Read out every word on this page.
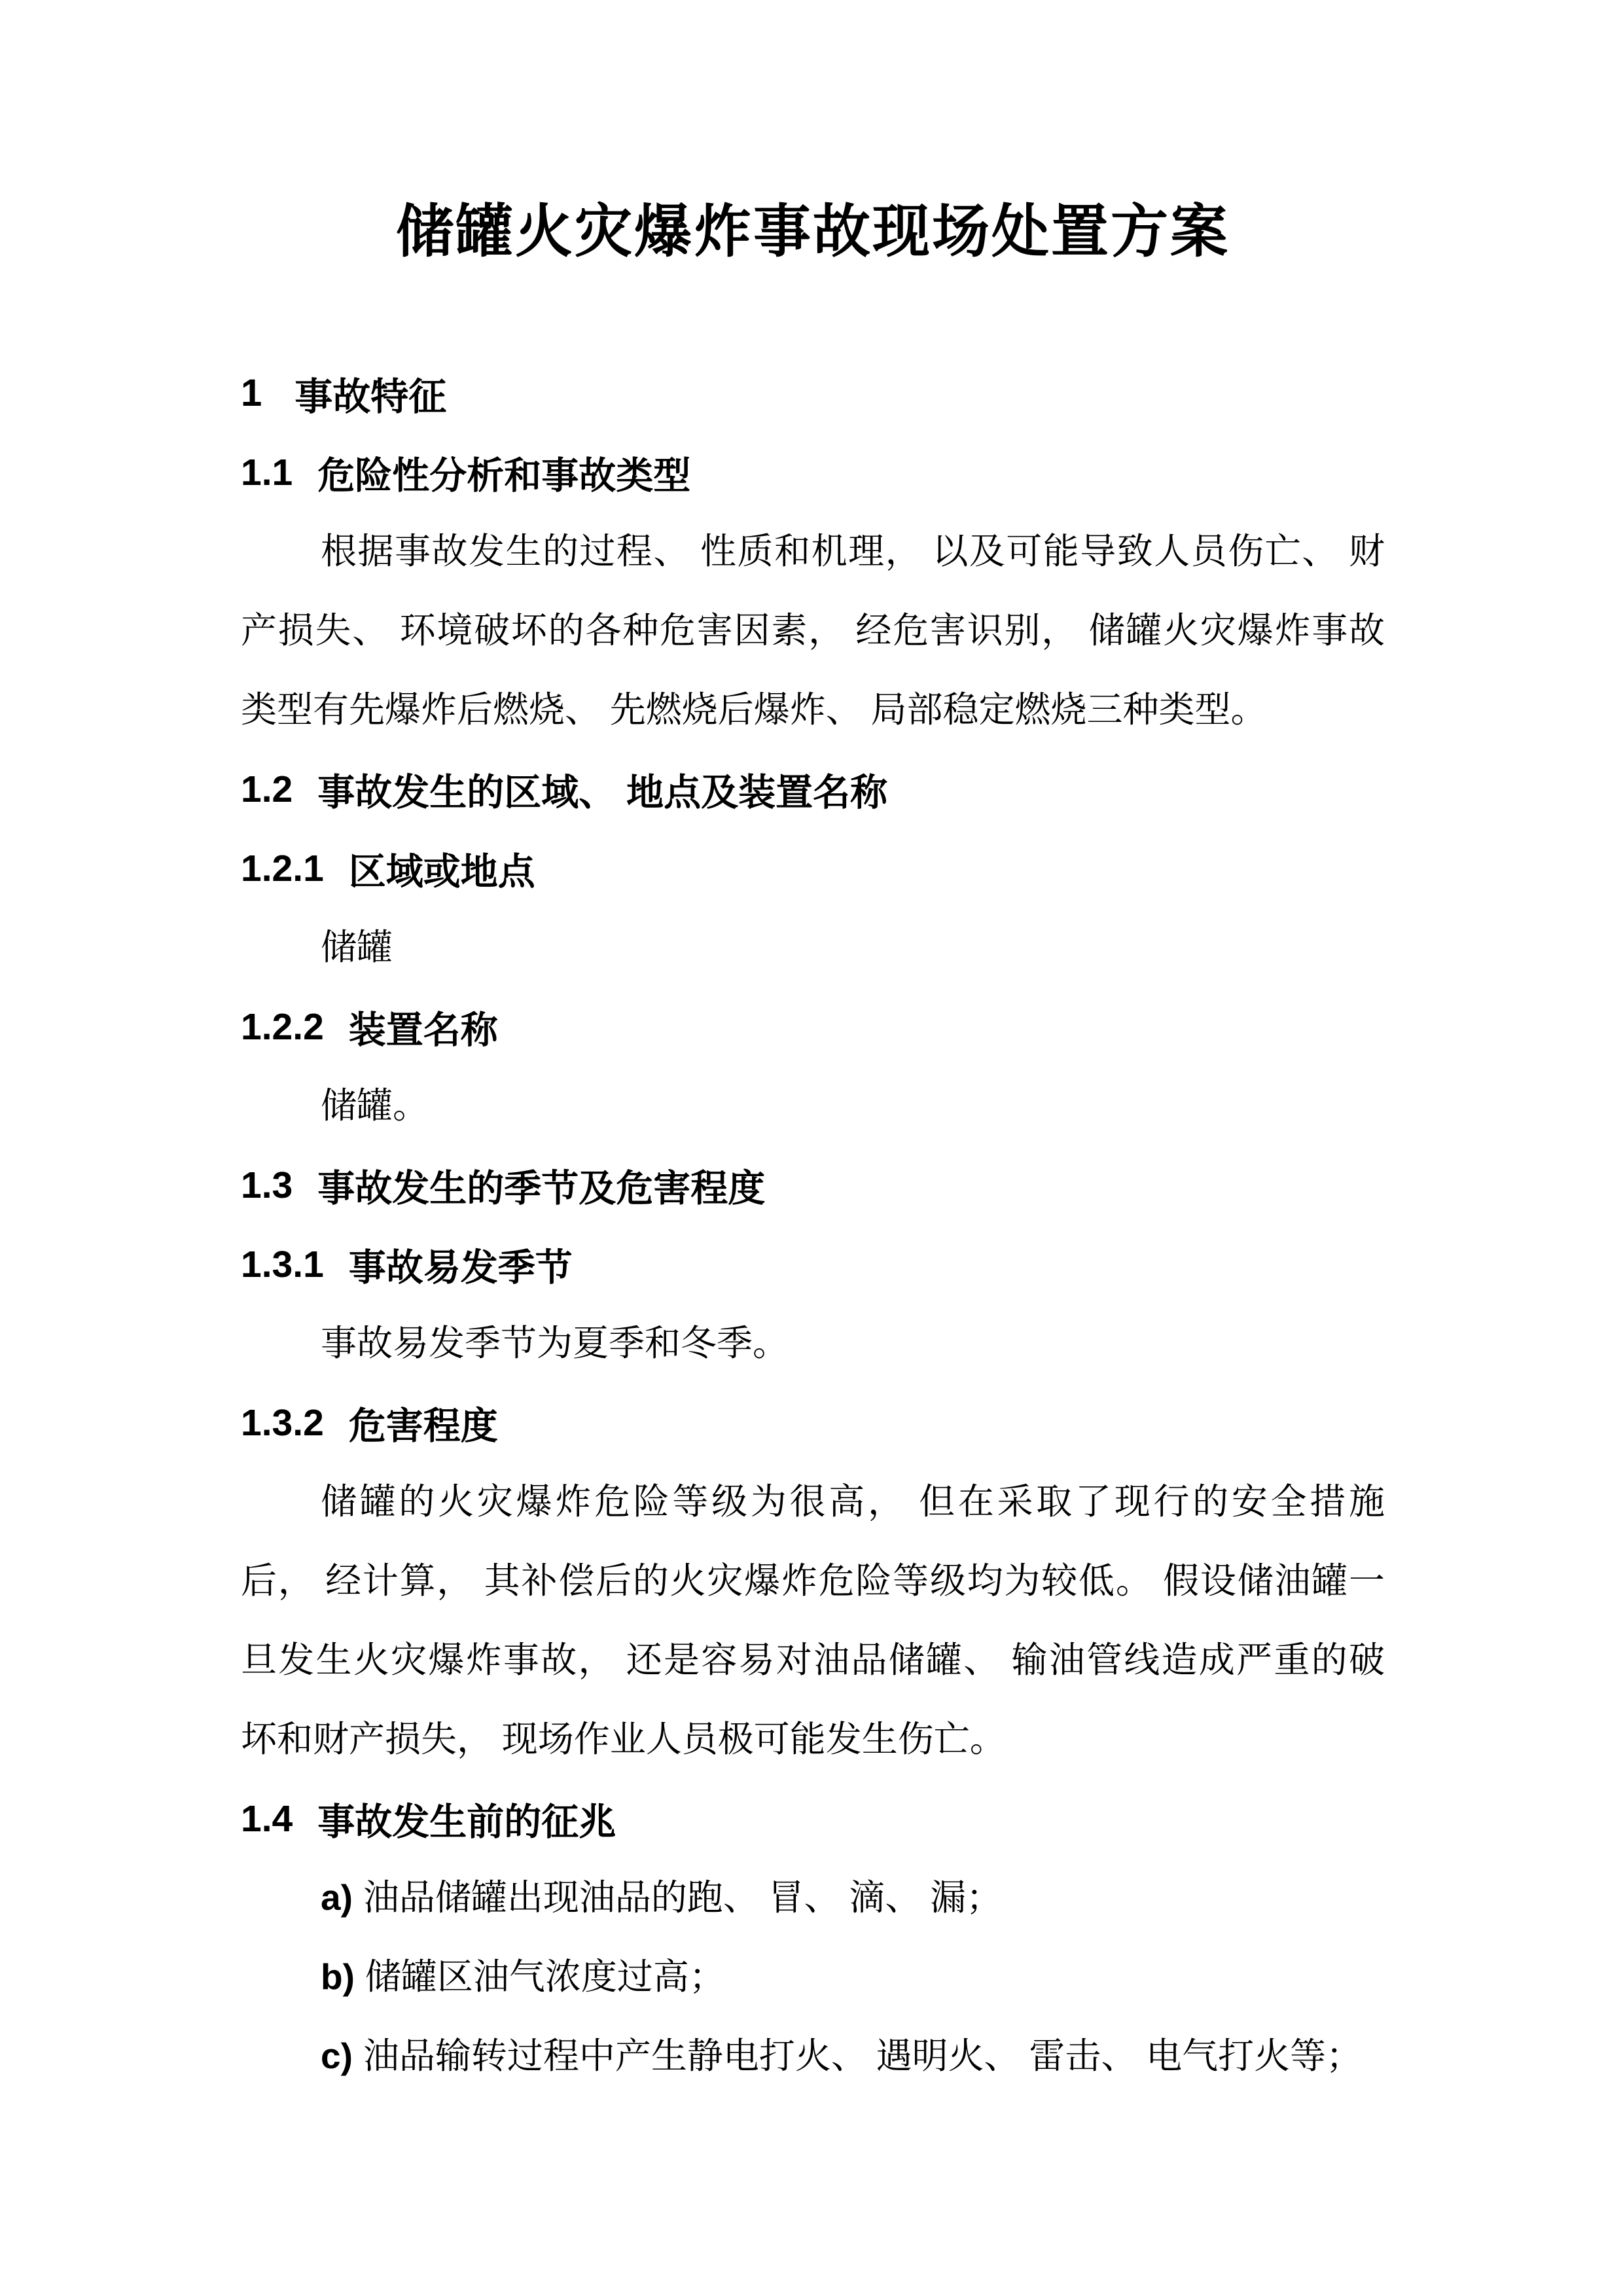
储罐火灾爆炸事故现场处置方案
1 事故特征
1.1 危险性分析和事故类型
根据事故发生的过程、 性质和机理， 以及可能导致人员伤亡、 财
产损失、 环境破坏的各种危害因素， 经危害识别， 储罐火灾爆炸事故
类型有先爆炸后燃烧、 先燃烧后爆炸、 局部稳定燃烧三种类型。
1.2 事故发生的区域、 地点及装置名称
1.2.1 区域或地点
储罐
1.2.2 装置名称
储罐。
1.3 事故发生的季节及危害程度
1.3.1 事故易发季节
事故易发季节为夏季和冬季。
1.3.2 危害程度
储罐的火灾爆炸危险等级为很高， 但在采取了现行的安全措施
后， 经计算， 其补偿后的火灾爆炸危险等级均为较低。 假设储油罐一
旦发生火灾爆炸事故， 还是容易对油品储罐、 输油管线造成严重的破
坏和财产损失， 现场作业人员极可能发生伤亡。
1.4 事故发生前的征兆
a) 油品储罐出现油品的跑、 冒、 滴、 漏；
b) 储罐区油气浓度过高；
c) 油品输转过程中产生静电打火、 遇明火、 雷击、 电气打火等；
